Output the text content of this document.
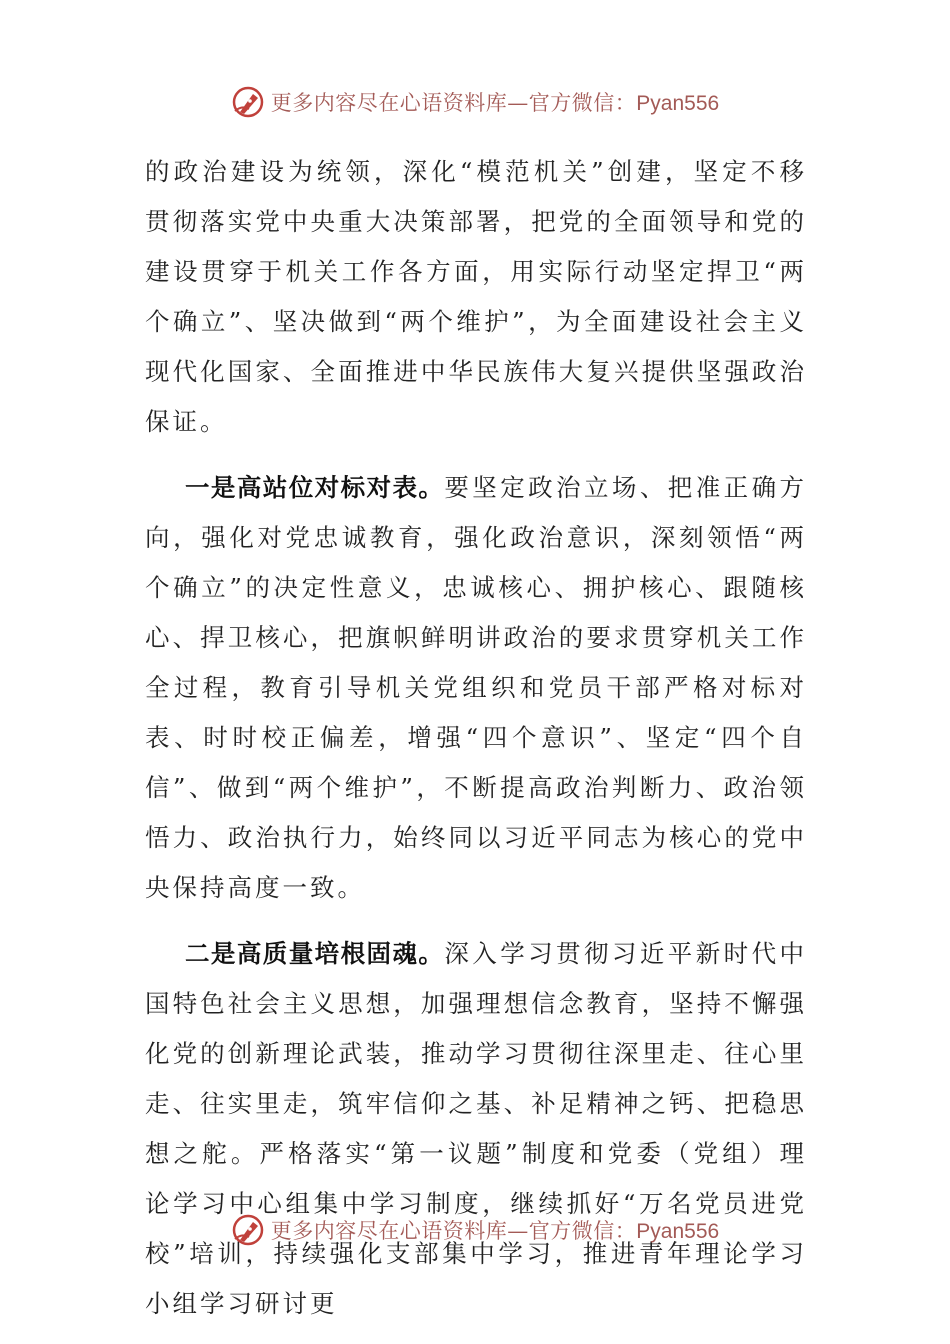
更多内容尽在心语资料库—官方微信：Pyan556

的政治建设为统领，深化“模范机关”创建，坚定不移贯彻落实党中央重大决策部署，把党的全面领导和党的建设贯穿于机关工作各方面，用实际行动坚定捍卫“两个确立”、坚决做到“两个维护”，为全面建设社会主义现代化国家、全面推进中华民族伟大复兴提供坚强政治保证。

一是高站位对标对表。要坚定政治立场、把准正确方向，强化对党忠诚教育，强化政治意识，深刻领悟“两个确立”的决定性意义，忠诚核心、拥护核心、跟随核心、捍卫核心，把旗帜鲜明讲政治的要求贯穿机关工作全过程，教育引导机关党组织和党员干部严格对标对表、时时校正偏差，增强“四个意识”、坚定“四个自信”、做到“两个维护”，不断提高政治判断力、政治领悟力、政治执行力，始终同以习近平同志为核心的党中央保持高度一致。

二是高质量培根固魂。深入学习贯彻习近平新时代中国特色社会主义思想，加强理想信念教育，坚持不懈强化党的创新理论武装，推动学习贯彻往深里走、往心里走、往实里走，筑牢信仰之基、补足精神之钙、把稳思想之舵。严格落实“第一议题”制度和党委（党组）理论学习中心组集中学习制度，继续抓好“万名党员进党校”培训，持续强化支部集中学习，推进青年理论学习小组学习研讨更

更多内容尽在心语资料库—官方微信：Pyan556
